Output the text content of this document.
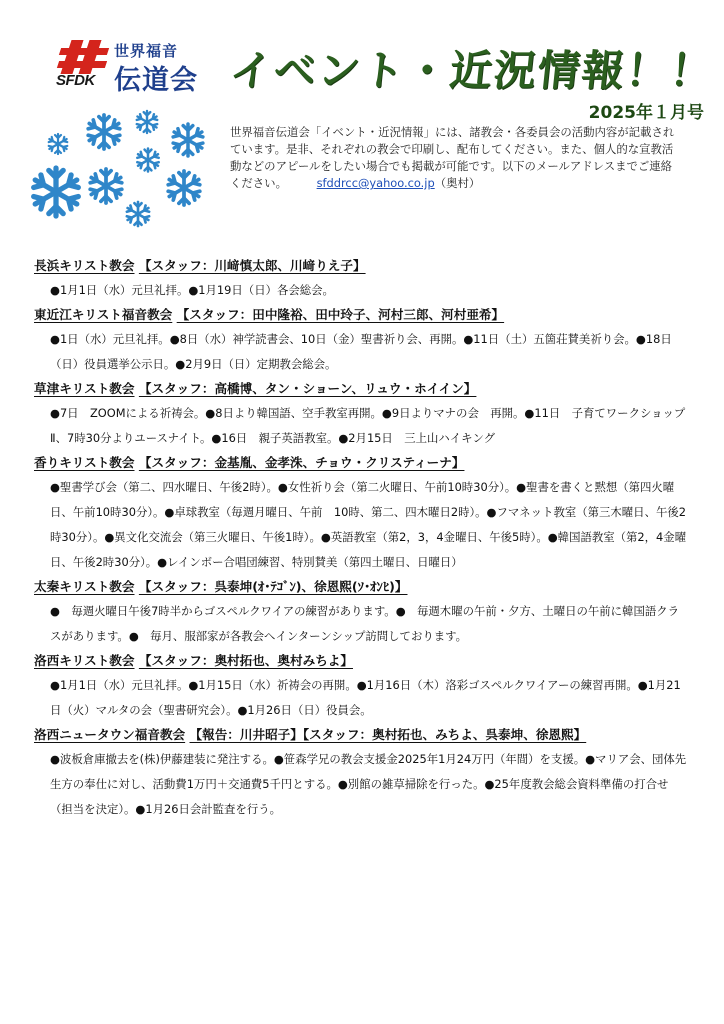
SFDK
世界福音
伝道会 イベント・近況情報！！
2025年１月号
世界福音伝道会「イベント・近況情報」には、諸教会・各委員会の活動内容が記載されています。是非、それぞれの教会で印刷し、配布してください。また、個人的な宣教活動などのアピールをしたい場合でも掲載が可能です。以下のメールアドレスまでご連絡ください。	sfddrcc@yahoo.co.jp（奥村）
長浜キリスト教会 【スタッフ：川﨑慎太郎、川﨑りえ子】
●1月1日（水）元旦礼拝。●1月19日（日）各会総会。
東近江キリスト福音教会 【スタッフ：田中隆裕、田中玲子、河村三郎、河村亜希】
●1日（水）元旦礼拝。●8日（水）神学読書会、10日（金）聖書祈り会、再開。●11日（土）五箇荘賛美祈り会。●18日（日）役員選挙公示日。●2月9日（日）定期教会総会。
草津キリスト教会 【スタッフ：高橋博、タン・ショーン、リュウ・ホイイン】
●7日　ZOOMによる祈祷会。●8日より韓国語、空手教室再開。●9日よりマナの会　再開。●11日　子育てワークショップⅡ、7時30分よりユースナイト。●16日　親子英語教室。●2月15日　三上山ハイキング
香りキリスト教会 【スタッフ：金基胤、金孝洙、チョウ・クリスティーナ】
●聖書学び会（第二、四水曜日、午後2時）。●女性祈り会（第二火曜日、午前10時30分）。●聖書を書くと黙想（第四火曜日、午前10時30分）。●卓球教室（毎週月曜日、午前　10時、第二、四木曜日2時）。●フマネット教室（第三木曜日、午後2時30分）。●異文化交流会（第三火曜日、午後1時）。●英語教室（第2，3，4金曜日、午後5時）。●韓国語教室（第2，4金曜日、午後2時30分）。●レインボー合唱団練習、特別賛美（第四土曜日、日曜日）
太秦キリスト教会 【スタッフ：呉泰坤(ｵ･ﾃｺﾞﾝ)、徐恩熙(ｿ･ｵﾝﾋ)】
●　毎週火曜日午後7時半からゴスペルクワイアの練習があります。●　毎週木曜の午前・夕方、土曜日の午前に韓国語クラスがあります。●　毎月、服部家が各教会へインターンシップ訪問しております。
洛西キリスト教会 【スタッフ：奥村拓也、奥村みちよ】
●1月1日（水）元旦礼拝。●1月15日（水）祈祷会の再開。●1月16日（木）洛彩ゴスペルクワイアーの練習再開。●1月21日（火）マルタの会（聖書研究会）。●1月26日（日）役員会。
洛西ニュータウン福音教会 【報告：川井昭子】【スタッフ：奥村拓也、みちよ、呉泰坤、徐恩熙】
●波板倉庫撤去を(株)伊藤建装に発注する。●笹森学兄の教会支援金2025年1月24万円（年間）を支援。●マリア会、団体先生方の奉仕に対し、活動費1万円＋交通費5千円とする。●別館の雑草掃除を行った。●25年度教会総会資料準備の打合せ（担当を決定）。●1月26日会計監査を行う。
